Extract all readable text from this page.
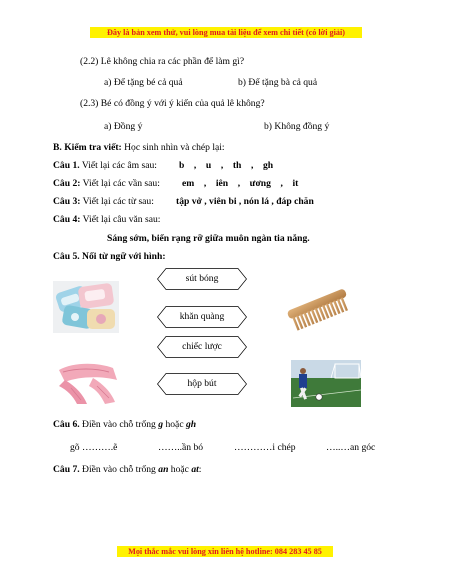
Đây là bản xem thử, vui lòng mua tài liệu để xem chi tiết (có lời giải)
(2.2) Lê không chia ra các phần để làm gì?
a) Để tặng bé cả quả	b) Để tặng bà cả quả
(2.3) Bé có đồng ý với ý kiến của quả lê không?
a) Đồng ý	b) Không đồng ý
B. Kiểm tra viết: Học sinh nhìn và chép lại:
Câu 1. Viết lại các âm sau: b    ,    u    ,    th    ,    gh
Câu 2: Viết lại các vần sau: em    ,    iên    ,    ương    ,    it
Câu 3: Viết lại các từ sau: tập vở , viên bi , nón lá , đáp chăn
Câu 4: Viết lại câu văn sau:
Sáng sớm, biển rạng rỡ giữa muôn ngàn tia nắng.
Câu 5. Nối từ ngữ với hình:
sút bóng
khăn quàng
chiếc lược
hộp bút
Câu 6. Điền vào chỗ trống g hoặc gh
gõ ……….ẽ	……..ần bó	…………i chép	…..…an góc
Câu 7. Điền vào chỗ trống an hoặc at:
Mọi thắc mắc vui lòng xin liên hệ hotline: 084 283 45 85
